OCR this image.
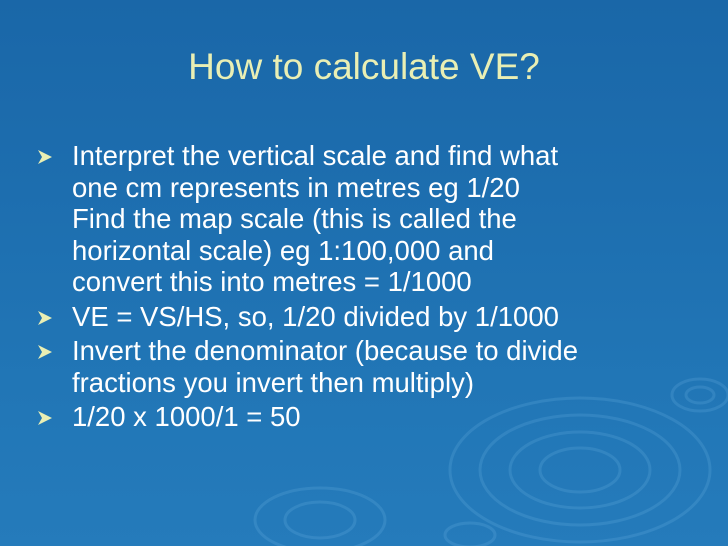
How to calculate VE?
Interpret the vertical scale and find what
one cm represents in metres eg 1/20
Find the map scale (this is called the
horizontal scale) eg 1:100,000 and
convert this into metres = 1/1000
VE = VS/HS, so, 1/20 divided by 1/1000
Invert the denominator (because to divide
fractions you invert then multiply)
1/20 x 1000/1 = 50
